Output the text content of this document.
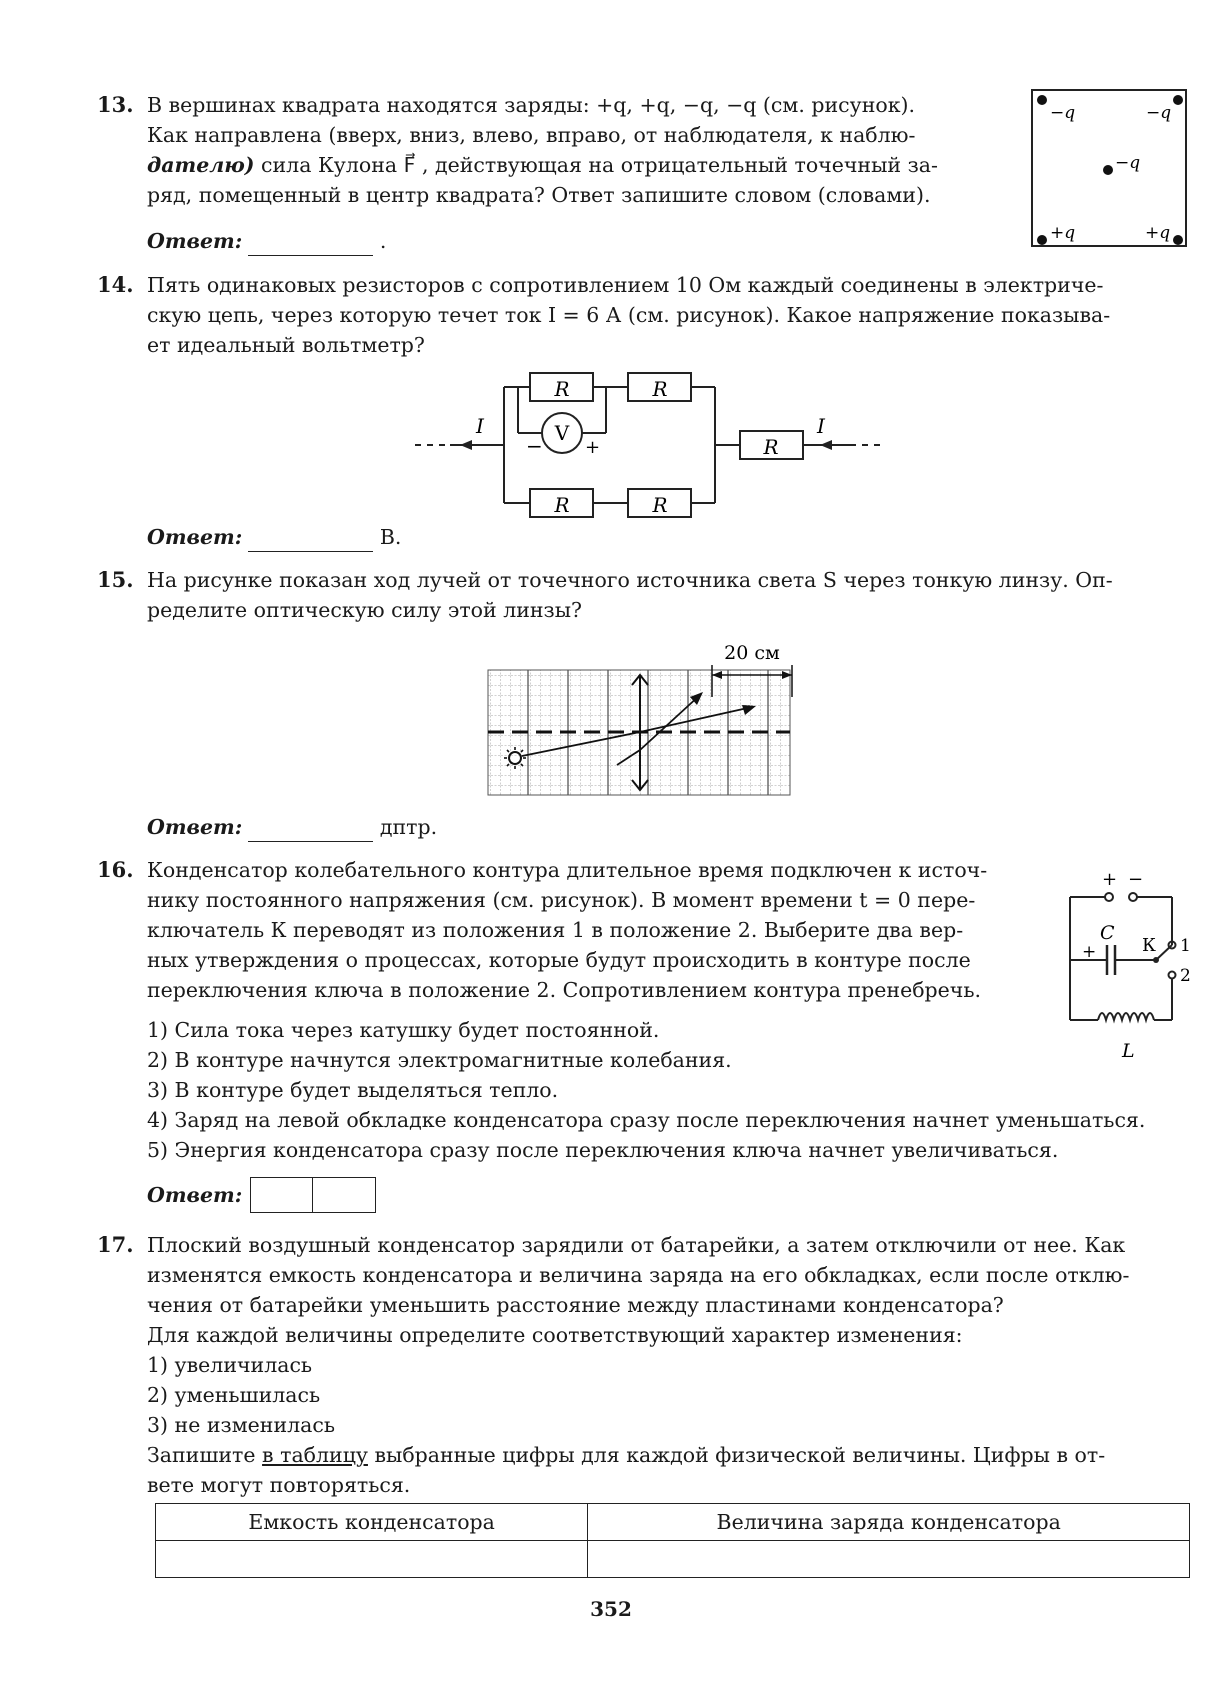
13. В вершинах квадрата находятся заряды: +q, +q, −q, −q (см. рисунок).
Как направлена (вверх, вниз, влево, вправо, от наблюдателя, к наблю-
дателю) сила Кулона F⃗ , действующая на отрицательный точечный за-
ряд, помещенный в центр квадрата? Ответ запишите словом (словами).
Ответ:	.
−q	−q
−q
+q	+q
14. Пять одинаковых резисторов с сопротивлением 10 Ом каждый соединены в электриче-
скую цепь, через которую течет ток I = 6 А (см. рисунок). Какое напряжение показыва-
ет идеальный вольтметр?
R	R
R	R
R
V
− +
I	I
Ответ:	В.
15. На рисунке показан ход лучей от точечного источника света S через тонкую линзу. Оп-
ределите оптическую силу этой линзы?
20 см
Ответ:	дптр.
16. Конденсатор колебательного контура длительное время подключен к источ-
нику постоянного напряжения (см. рисунок). В момент времени t = 0 пере-
ключатель К переводят из положения 1 в положение 2. Выберите два вер-
ных утверждения о процессах, которые будут происходить в контуре после
переключения ключа в положение 2. Сопротивлением контура пренебречь.
1) Сила тока через катушку будет постоянной.
2) В контуре начнутся электромагнитные колебания.
3) В контуре будет выделяться тепло.
4) Заряд на левой обкладке конденсатора сразу после переключения начнет уменьшаться.
5) Энергия конденсатора сразу после переключения ключа начнет увеличиваться.
Ответ:
+ −
C
+	К 1
2
L
17. Плоский воздушный конденсатор зарядили от батарейки, а затем отключили от нее. Как
изменятся емкость конденсатора и величина заряда на его обкладках, если после отклю-
чения от батарейки уменьшить расстояние между пластинами конденсатора?
Для каждой величины определите соответствующий характер изменения:
1) увеличилась
2) уменьшилась
3) не изменилась
Запишите в таблицу выбранные цифры для каждой физической величины. Цифры в от-
вете могут повторяться.
Емкость конденсатора	Величина заряда конденсатора

352
